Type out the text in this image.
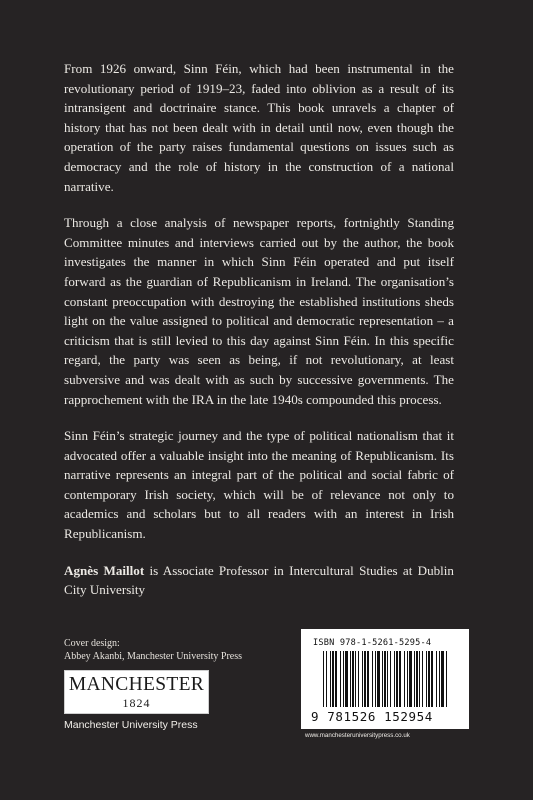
From 1926 onward, Sinn Féin, which had been instrumental in the revolutionary period of 1919–23, faded into oblivion as a result of its intransigent and doctrinaire stance. This book unravels a chapter of history that has not been dealt with in detail until now, even though the operation of the party raises fundamental questions on issues such as democracy and the role of history in the construction of a national narrative.

Through a close analysis of newspaper reports, fortnightly Standing Committee minutes and interviews carried out by the author, the book investigates the manner in which Sinn Féin operated and put itself forward as the guardian of Republicanism in Ireland. The organisation’s constant preoccupation with destroying the established institutions sheds light on the value assigned to political and democratic representation – a criticism that is still levied to this day against Sinn Féin. In this specific regard, the party was seen as being, if not revolutionary, at least subversive and was dealt with as such by successive governments. The rapprochement with the IRA in the late 1940s compounded this process.

Sinn Féin’s strategic journey and the type of political nationalism that it advocated offer a valuable insight into the meaning of Republicanism. Its narrative represents an integral part of the political and social fabric of contemporary Irish society, which will be of relevance not only to academics and scholars but to all readers with an interest in Irish Republicanism.

Agnès Maillot is Associate Professor in Intercultural Studies at Dublin City University

Cover design:
Abbey Akanbi, Manchester University Press
MANCHESTER
1824
Manchester University Press
ISBN 978-1-5261-5295-4
9 781526 152954
www.manchesteruniversitypress.co.uk
